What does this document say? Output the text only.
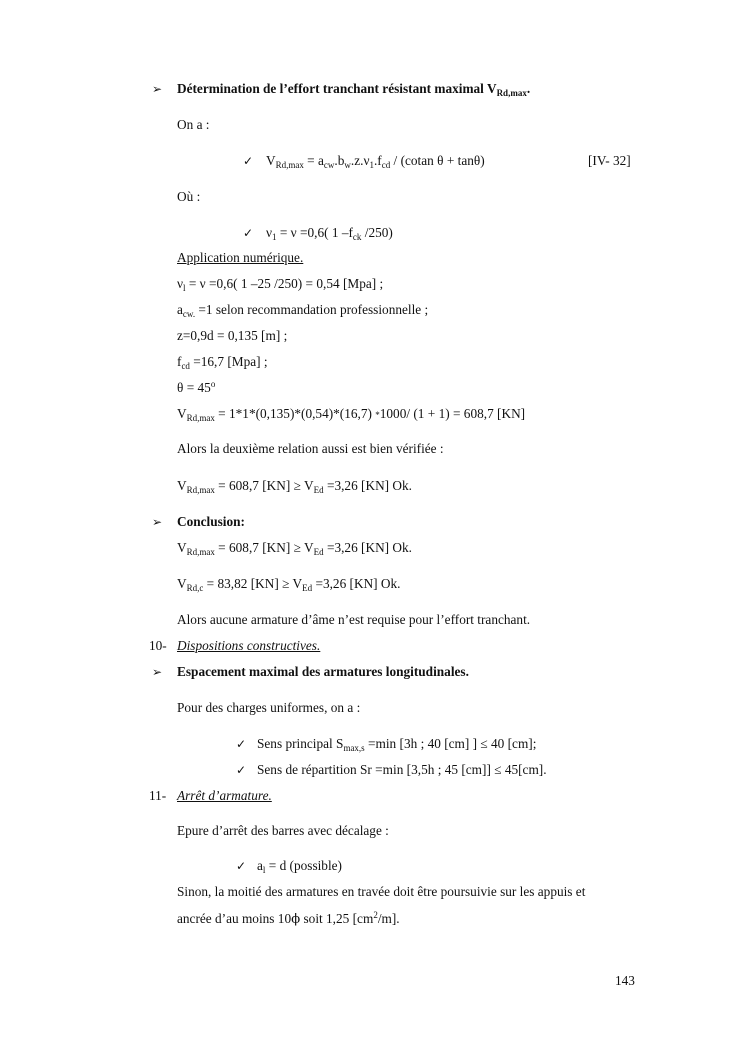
➢ Détermination de l’effort tranchant résistant maximal $V_{Rd,max}$.
On a :
✓ $V_{Rd,max} = a_{cw}.b_w.z.\nu_1.f_{cd} / (cotan$ θ + tanθ)	[IV- 32]
Où :
✓ $\nu_1 = \nu =0,6$( 1 $-f_{ck}$ /250)
Application numérique.
$\nu_l = \nu =0,6$( 1 –25 /250) = 0,54 [Mpa] ;
$a_{cw.} =1$ selon recommandation professionnelle ;
z=0,9d = 0,135 [m] ;
$f_{cd} =16,7$ [Mpa] ;
$\theta = 45^o$
$V_{Rd,max} = 1*1*(0,135)*(0,54)*(16,7)$ *1000/ (1 + 1) = 608,7 [KN]
Alors la deuxième relation aussi est bien vérifiée :
$V_{Rd,max} = 608,7$ $[KN] \ge V_{Ed} =3,26$ [KN] Ok.
➢ Conclusion:
$V_{Rd,max} = 608,7$ $[KN] \ge V_{Ed} =3,26$ [KN] Ok.
$V_{Rd,c} = 83,82$ $[KN] \ge V_{Ed} =3,26$ [KN] Ok.
Alors aucune armature d’âme n’est requise pour l’effort tranchant.
10- Dispositions constructives.
➢ Espacement maximal des armatures longitudinales.
Pour des charges uniformes, on a :
✓ Sens principal $S_{max,s} =\min$ [3h ; 40 [cm] ] ≤ 40 [cm];
✓ Sens de répartition Sr =min [3,5h ; 45 [cm]] ≤ 45[cm].
11- Arrêt d’armature.
Epure d’arrêt des barres avec décalage :
✓ $a_l = d$ (possible)
Sinon, la moitié des armatures en travée doit être poursuivie sur les appuis et
ancrée d’au moins 10ϕ soit 1,25 $[cm^2/m]$.
143
